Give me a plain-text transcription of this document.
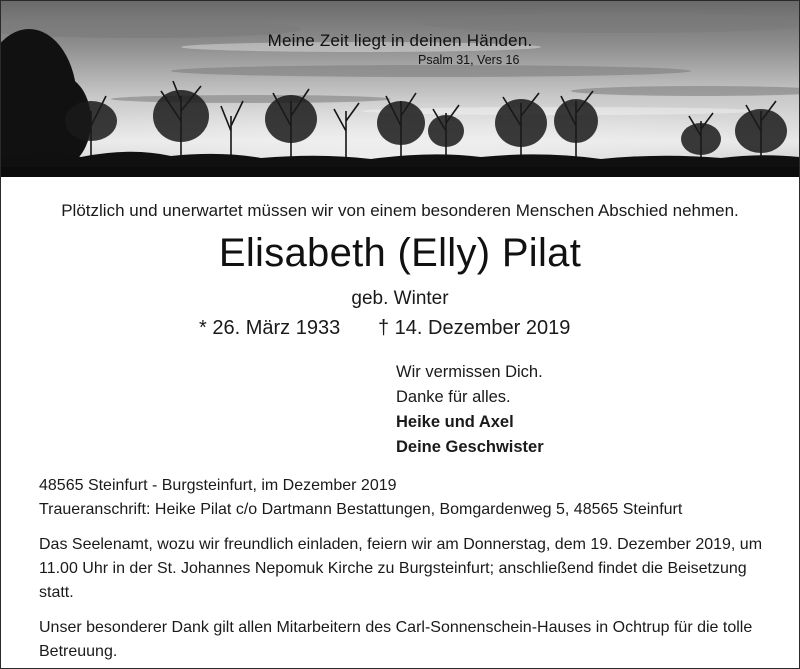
Meine Zeit liegt in deinen Händen.
Psalm 31, Vers 16
Plötzlich und unerwartet müssen wir von einem besonderen Menschen Abschied nehmen.
Elisabeth (Elly) Pilat
geb. Winter
* 26. März 1933 † 14. Dezember 2019
Wir vermissen Dich.
Danke für alles.
Heike und Axel
Deine Geschwister

48565 Steinfurt - Burgsteinfurt, im Dezember 2019

Traueranschrift: Heike Pilat c/o Dartmann Bestattungen, Bomgardenweg 5, 48565 Steinfurt

Das Seelenamt, wozu wir freundlich einladen, feiern wir am Donnerstag, dem 19. Dezember 2019, um 11.00 Uhr in der St. Johannes Nepomuk Kirche zu Burgsteinfurt; anschließend findet die Beisetzung statt.

Unser besonderer Dank gilt allen Mitarbeitern des Carl-Sonnenschein-Hauses in Ochtrup für die tolle Betreuung.
